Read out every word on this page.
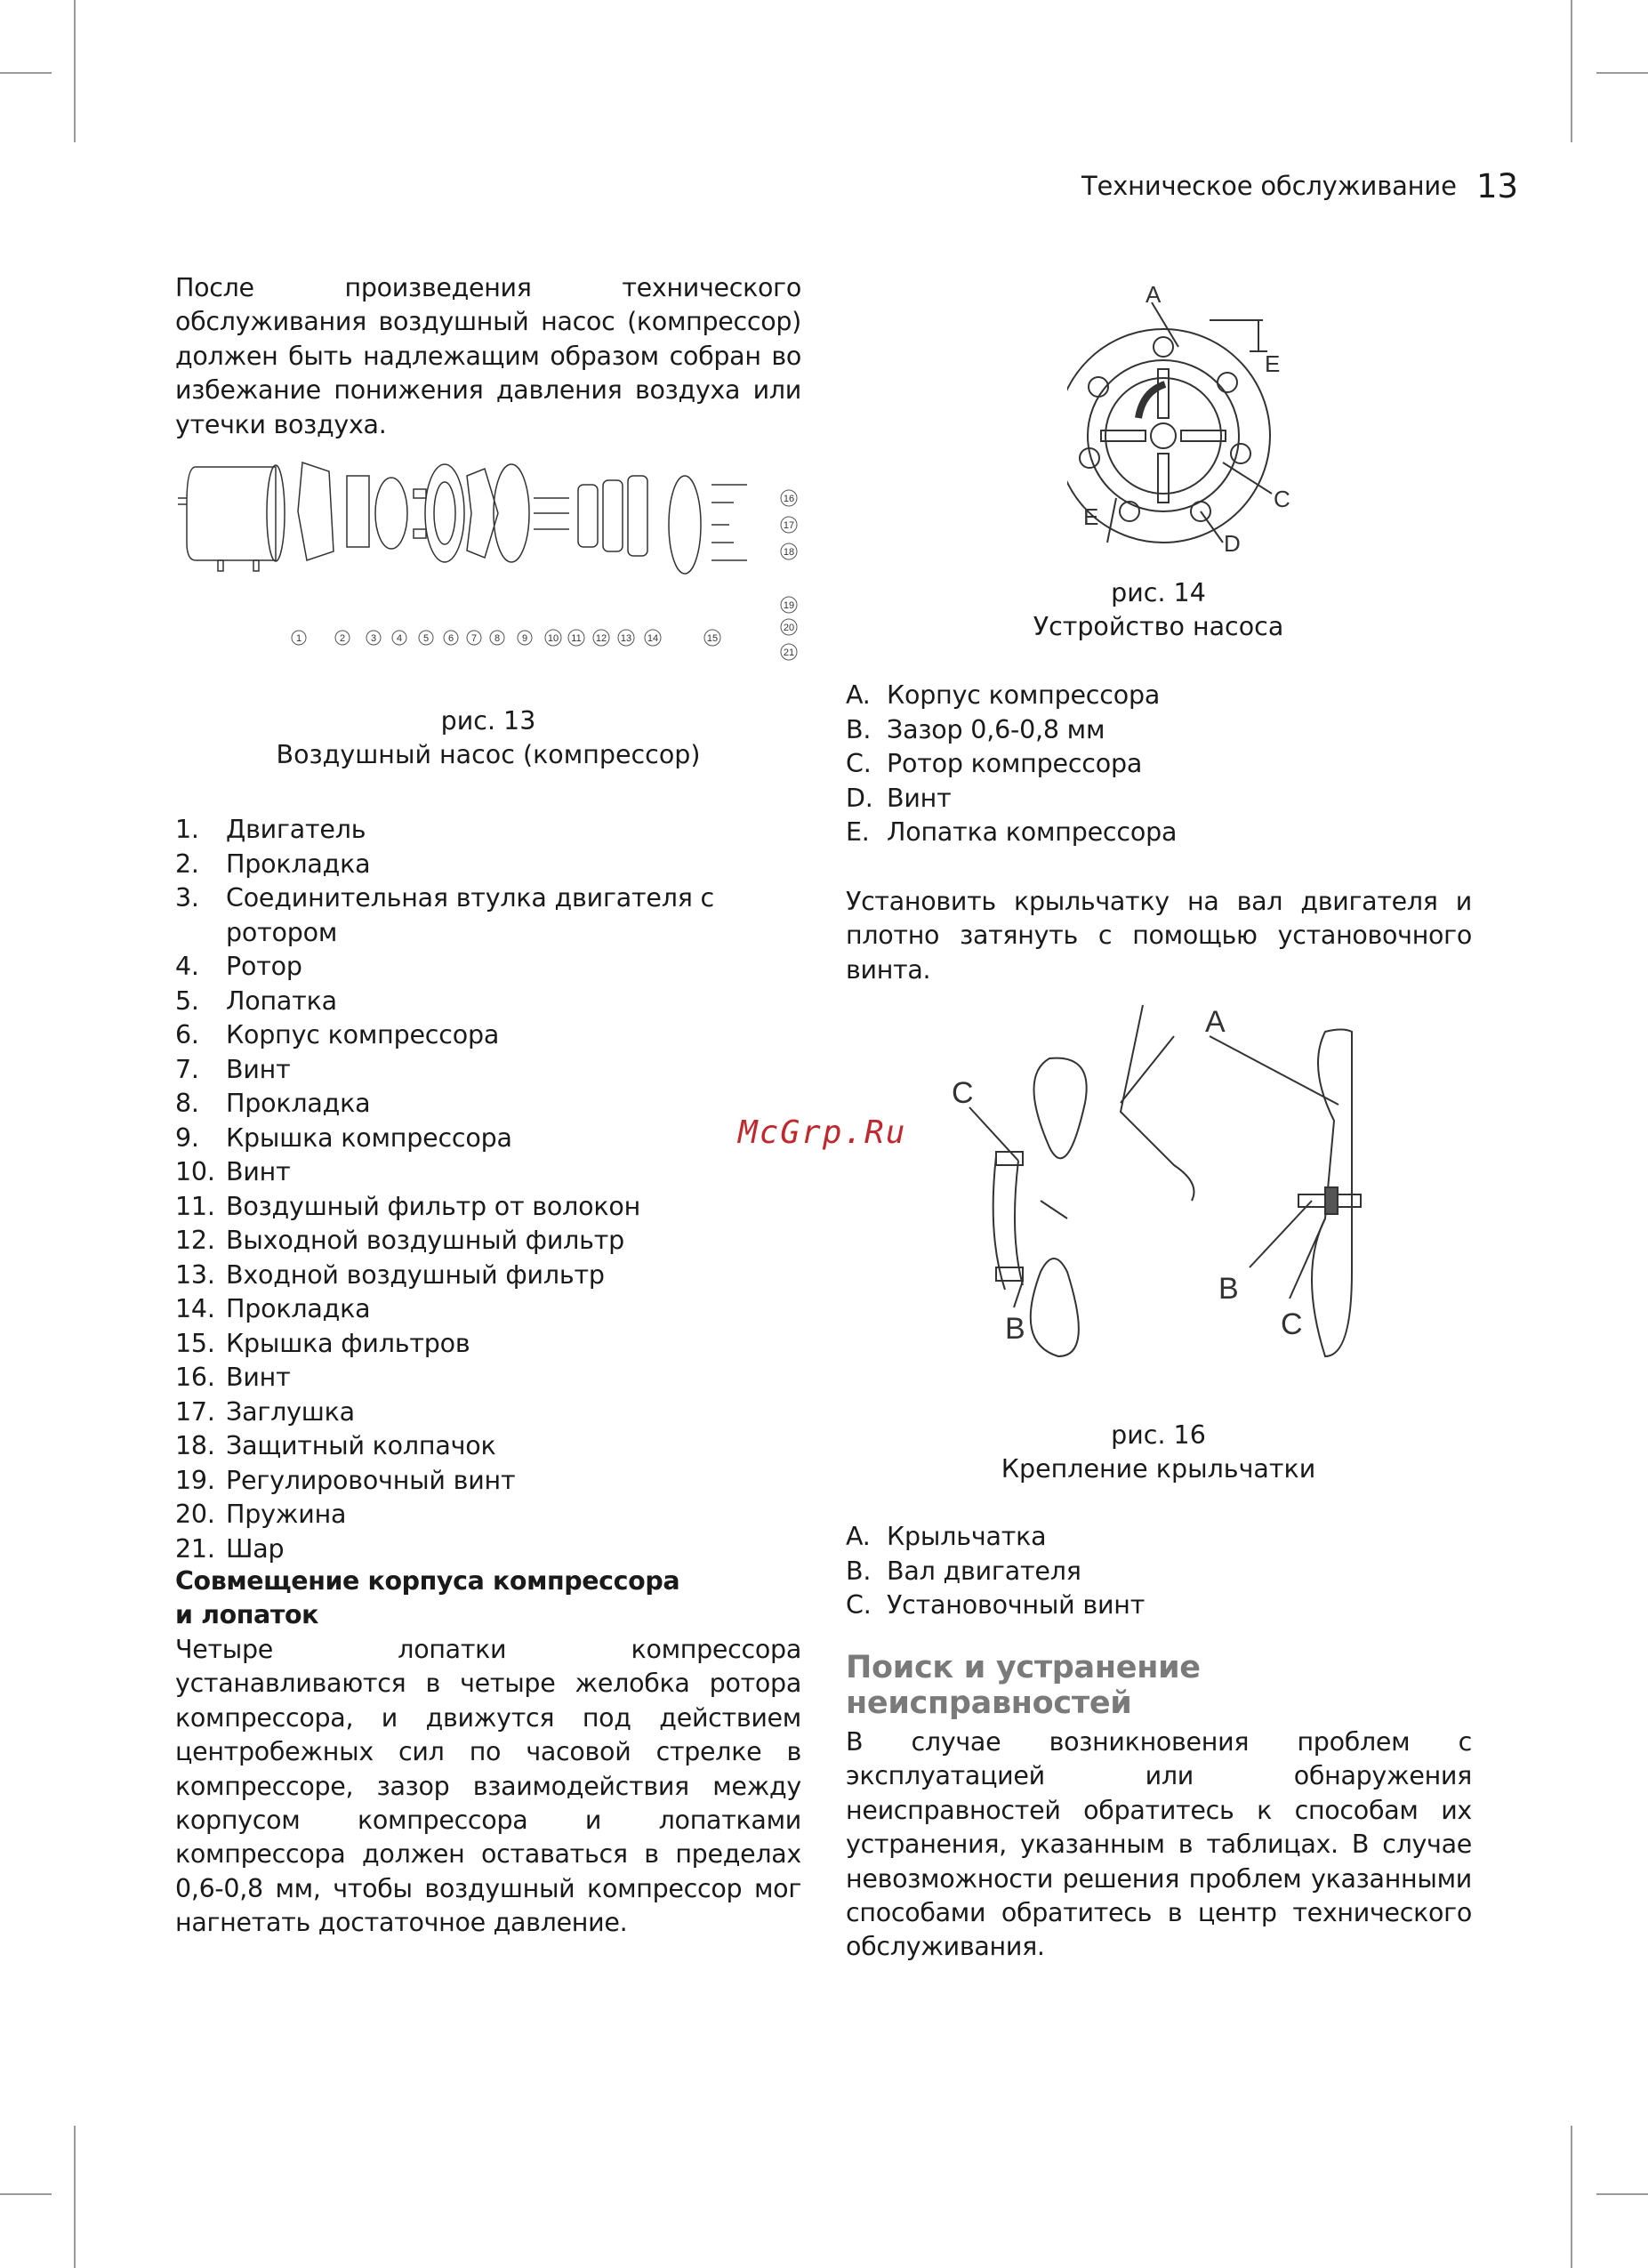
Техническое обслуживание 13

После произведения технического обслуживания воздушный насос (компрессор) должен быть надлежащим образом собран во избежание понижения давления воздуха или утечки воздуха.

1	2	3 4 5 6 7 8 9 10 11 12 13 14	15
16
17
18
19
20
21
рис. 13
Воздушный насос (компрессор)
1.	Двигатель
2.	Прокладка
3.	Соединительная втулка двигателя с ротором
4.	Ротор
5.	Лопатка
6.	Корпус компрессора
7.	Винт
8.	Прокладка
9.	Крышка компрессора
10. Винт
11. Воздушный фильтр от волокон
12. Выходной воздушный фильтр
13. Входной воздушный фильтр
14. Прокладка
15. Крышка фильтров
16. Винт
17. Заглушка
18. Защитный колпачок
19. Регулировочный винт
20. Пружина
21. Шар
Совмещение корпуса компрессора
и лопаток

Четыре лопатки компрессора устанавливаются в четыре желобка ротора компрессора, и движутся под действием центробежных сил по часовой стрелке в компрессоре, зазор взаимодействия между корпусом компрессора и лопатками компрессора должен оставаться в пределах 0,6-0,8 мм, чтобы воздушный компрессор мог нагнетать достаточное давление.

A
E
C
D
E
рис. 14
Устройство насоса
A. Корпус компрессора
B. Зазор 0,6-0,8 мм
C. Ротор компрессора
D. Винт
E. Лопатка компрессора

Установить крыльчатку на вал двигателя и плотно затянуть с помощью установочного винта.

McGrp.Ru
A
C
B
B
C
рис. 16
Крепление крыльчатки
A. Крыльчатка
B. Вал двигателя
C. Установочный винт
Поиск и устранение неисправностей

В случае возникновения проблем с эксплуатацией или обнаружения неисправностей обратитесь к способам их устранения, указанным в таблицах. В случае невозможности решения проблем указанными способами обратитесь в центр технического обслуживания.
